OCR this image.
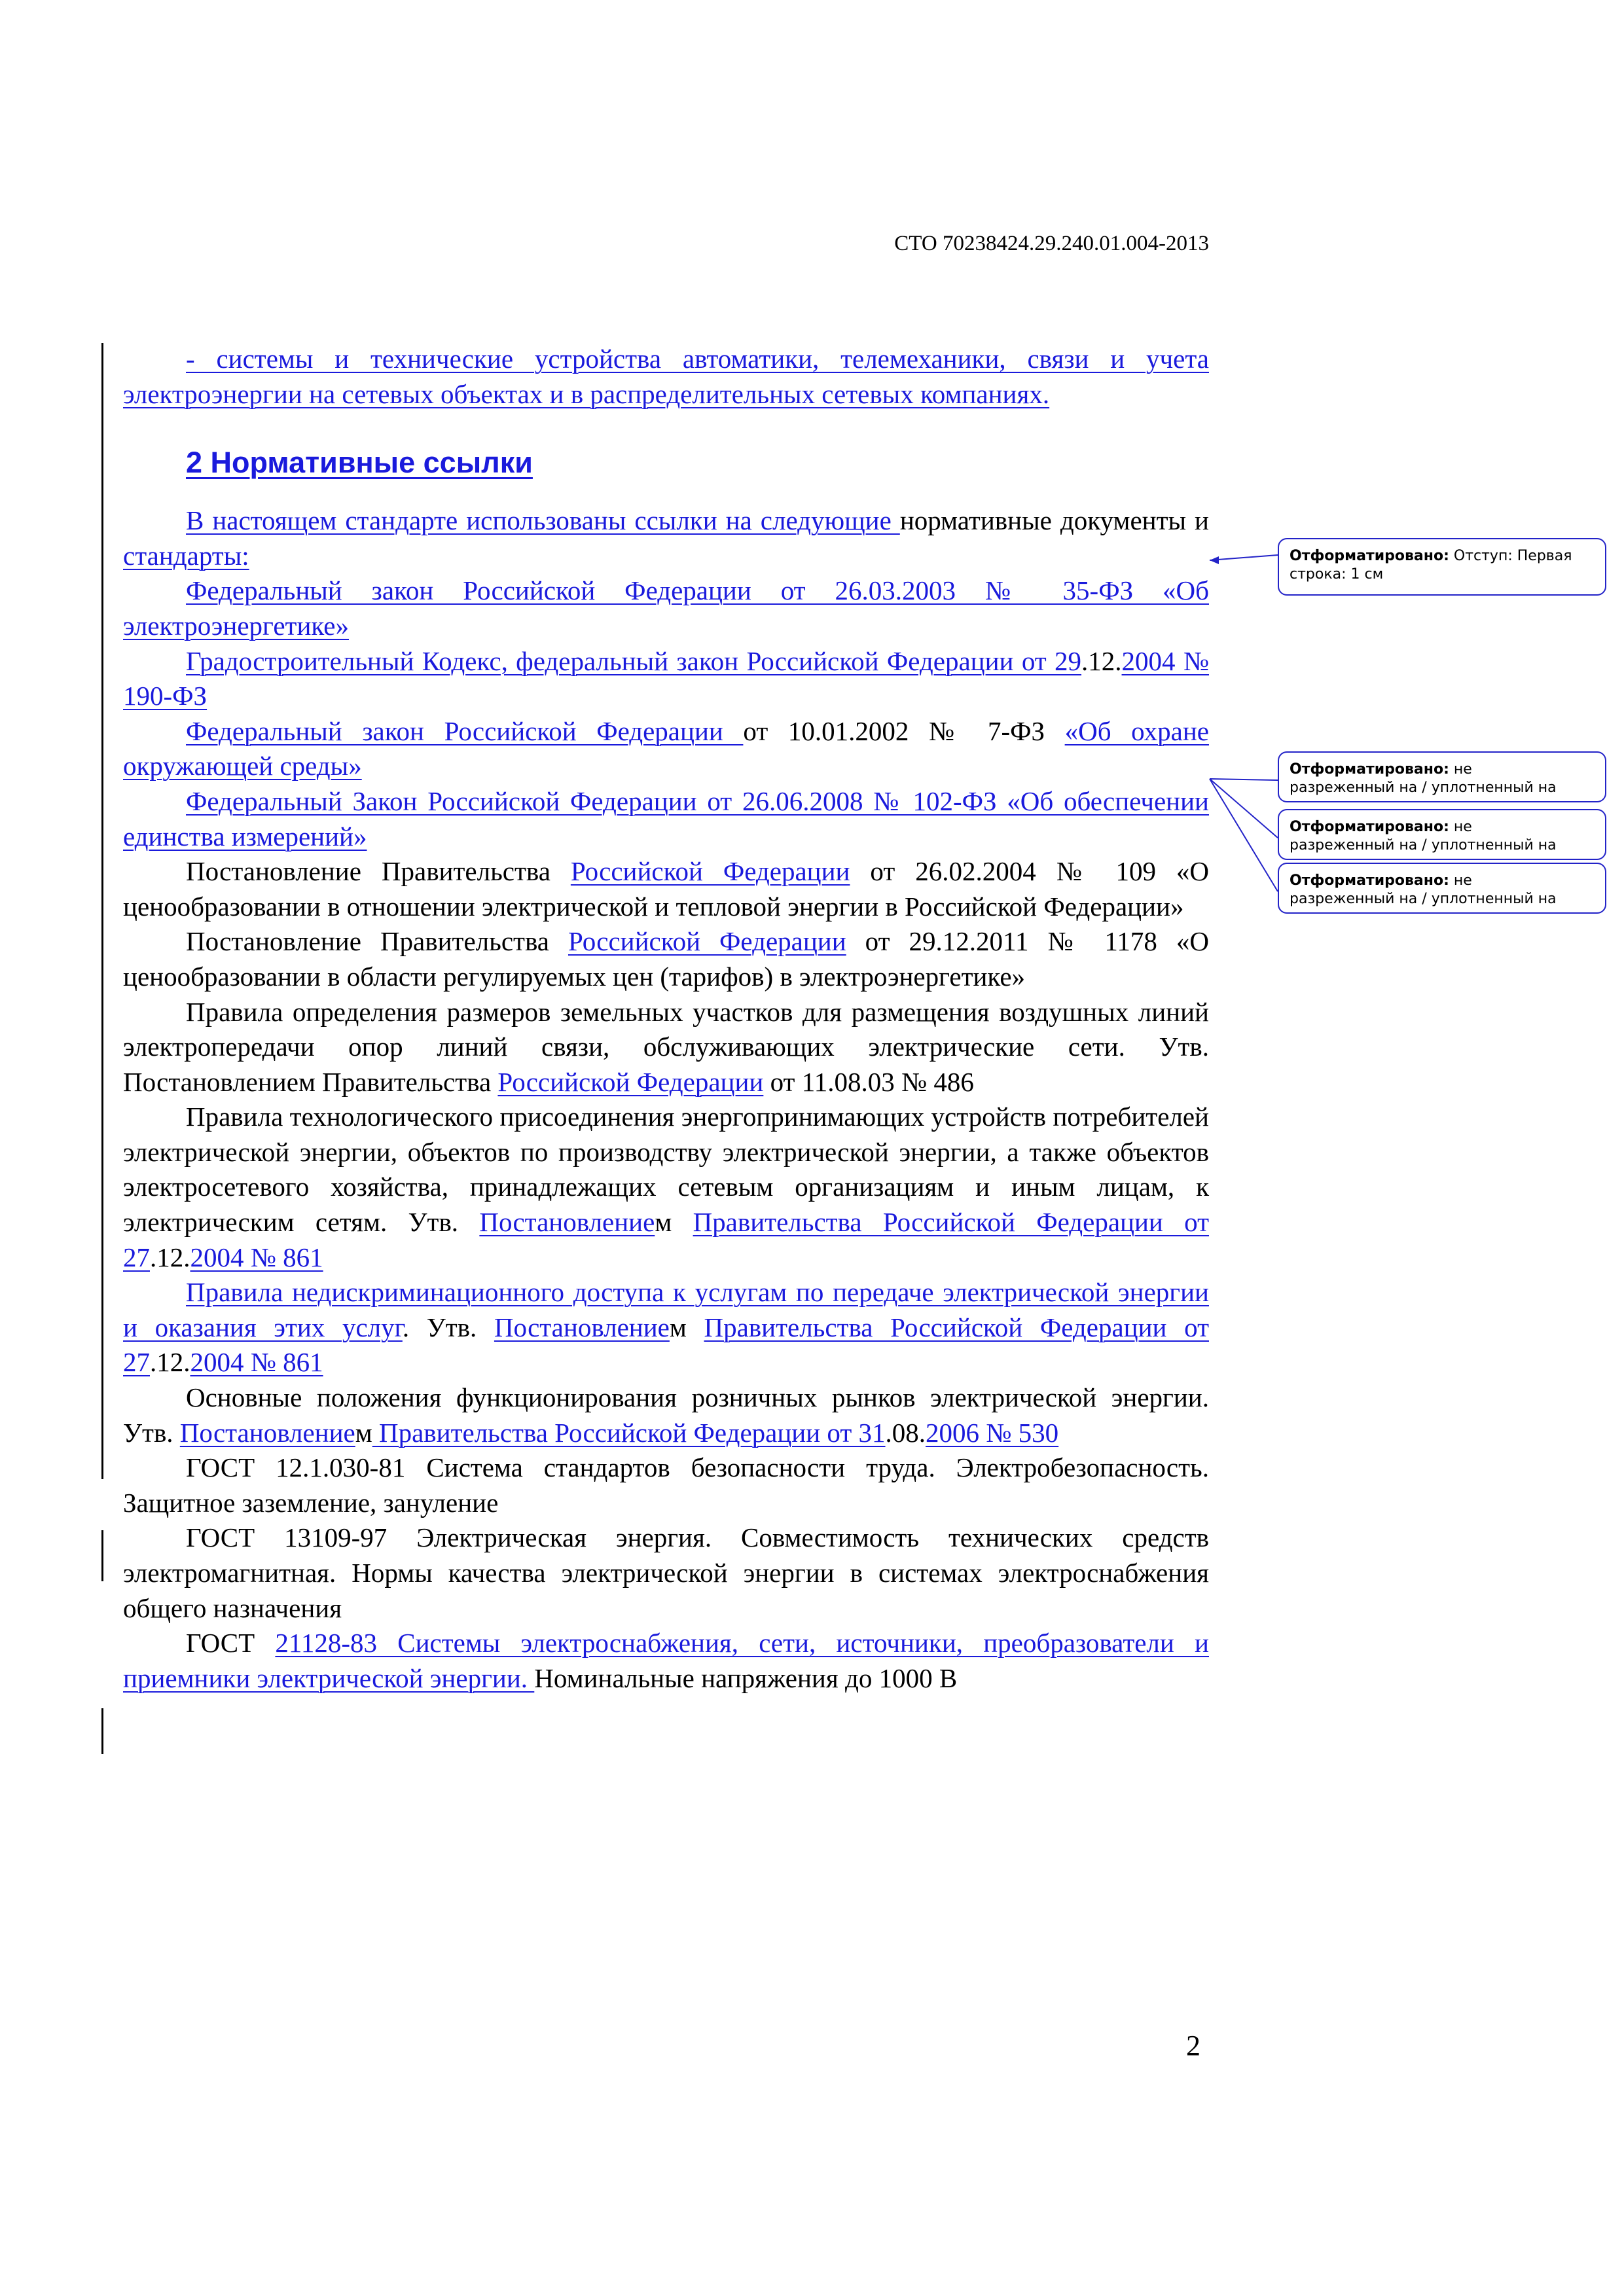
СТО 70238424.29.240.01.004-2013

- системы и технические устройства автоматики, телемеханики, связи и учета электроэнергии на сетевых объектах и в распределительных сетевых компаниях.

2 Нормативные ссылки

В настоящем стандарте использованы ссылки на следующие нормативные документы и стандарты:

Федеральный закон Российской Федерации от 26.03.2003 № 35-ФЗ «Об электроэнергетике»

Градостроительный Кодекс, федеральный закон Российской Федерации от 29.12.2004 № 190-ФЗ

Федеральный закон Российской Федерации от 10.01.2002 № 7-ФЗ «Об охране окружающей среды»

Федеральный Закон Российской Федерации от 26.06.2008 № 102-ФЗ «Об обеспечении единства измерений»

Постановление Правительства Российской Федерации от 26.02.2004 № 109 «О ценообразовании в отношении электрической и тепловой энергии в Российской Федерации»

Постановление Правительства Российской Федерации от 29.12.2011 № 1178 «О ценообразовании в области регулируемых цен (тарифов) в электроэнергетике»

Правила определения размеров земельных участков для размещения воздушных линий электропередачи опор линий связи, обслуживающих электрические сети. Утв. Постановлением Правительства Российской Федерации от 11.08.03 № 486

Правила технологического присоединения энергопринимающих устройств потребителей электрической энергии, объектов по производству электрической энергии, а также объектов электросетевого хозяйства, принадлежащих сетевым организациям и иным лицам, к электрическим сетям. Утв. Постановлением Правительства Российской Федерации от 27.12.2004 № 861

Правила недискриминационного доступа к услугам по передаче электрической энергии и оказания этих услуг. Утв. Постановлением Правительства Российской Федерации от 27.12.2004 № 861

Основные положения функционирования розничных рынков электрической энергии. Утв. Постановлением Правительства Российской Федерации от 31.08.2006 № 530

ГОСТ 12.1.030-81 Система стандартов безопасности труда. Электробезопасность. Защитное заземление, зануление

ГОСТ 13109-97 Электрическая энергия. Совместимость технических средств электромагнитная. Нормы качества электрической энергии в системах электроснабжения общего назначения

ГОСТ 21128-83 Системы электроснабжения, сети, источники, преобразователи и приемники электрической энергии. Номинальные напряжения до 1000 В

Отформатировано: Отступ: Первая
строка: 1 см
Отформатировано: не
разреженный на / уплотненный на
Отформатировано: не
разреженный на / уплотненный на
Отформатировано: не
разреженный на / уплотненный на
2
